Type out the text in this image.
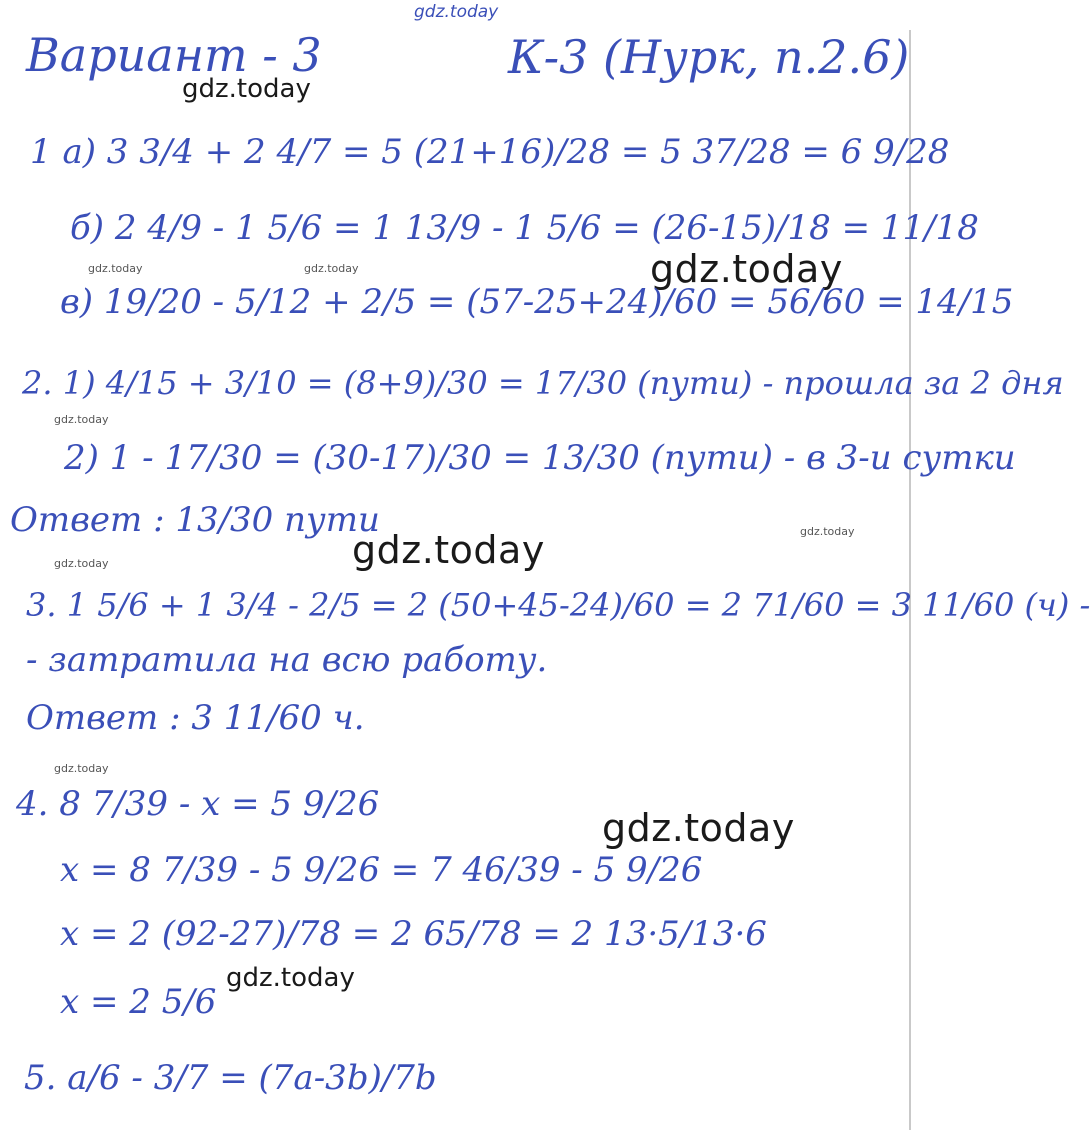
gdz.today
gdz.today
gdz.today	gdz.today	gdz.today
gdz.today
gdz.today
gdz.today
gdz.today
gdz.today
gdz.today
gdz.today
Вариант - 3	К-3 (Нурк, п.2.6)
1 а) 3 3/4 + 2 4/7 = 5 (21+16)/28 = 5 37/28 = 6 9/28
б) 2 4/9 - 1 5/6 = 1 13/9 - 1 5/6 = (26-15)/18 = 11/18
в) 19/20 - 5/12 + 2/5 = (57-25+24)/60 = 56/60 = 14/15
2. 1) 4/15 + 3/10 = (8+9)/30 = 17/30 (пути) - прошла за 2 дня
2) 1 - 17/30 = (30-17)/30 = 13/30 (пути) - в 3-и сутки
Ответ : 13/30 пути
3. 1 5/6 + 1 3/4 - 2/5 = 2 (50+45-24)/60 = 2 71/60 = 3 11/60 (ч) -
- затратила на всю работу.
Ответ : 3 11/60 ч.
4. 8 7/39 - x = 5 9/26
x = 8 7/39 - 5 9/26 = 7 46/39 - 5 9/26
x = 2 (92-27)/78 = 2 65/78 = 2 13·5/13·6
x = 2 5/6
5. a/6 - 3/7 = (7a-3b)/7b
